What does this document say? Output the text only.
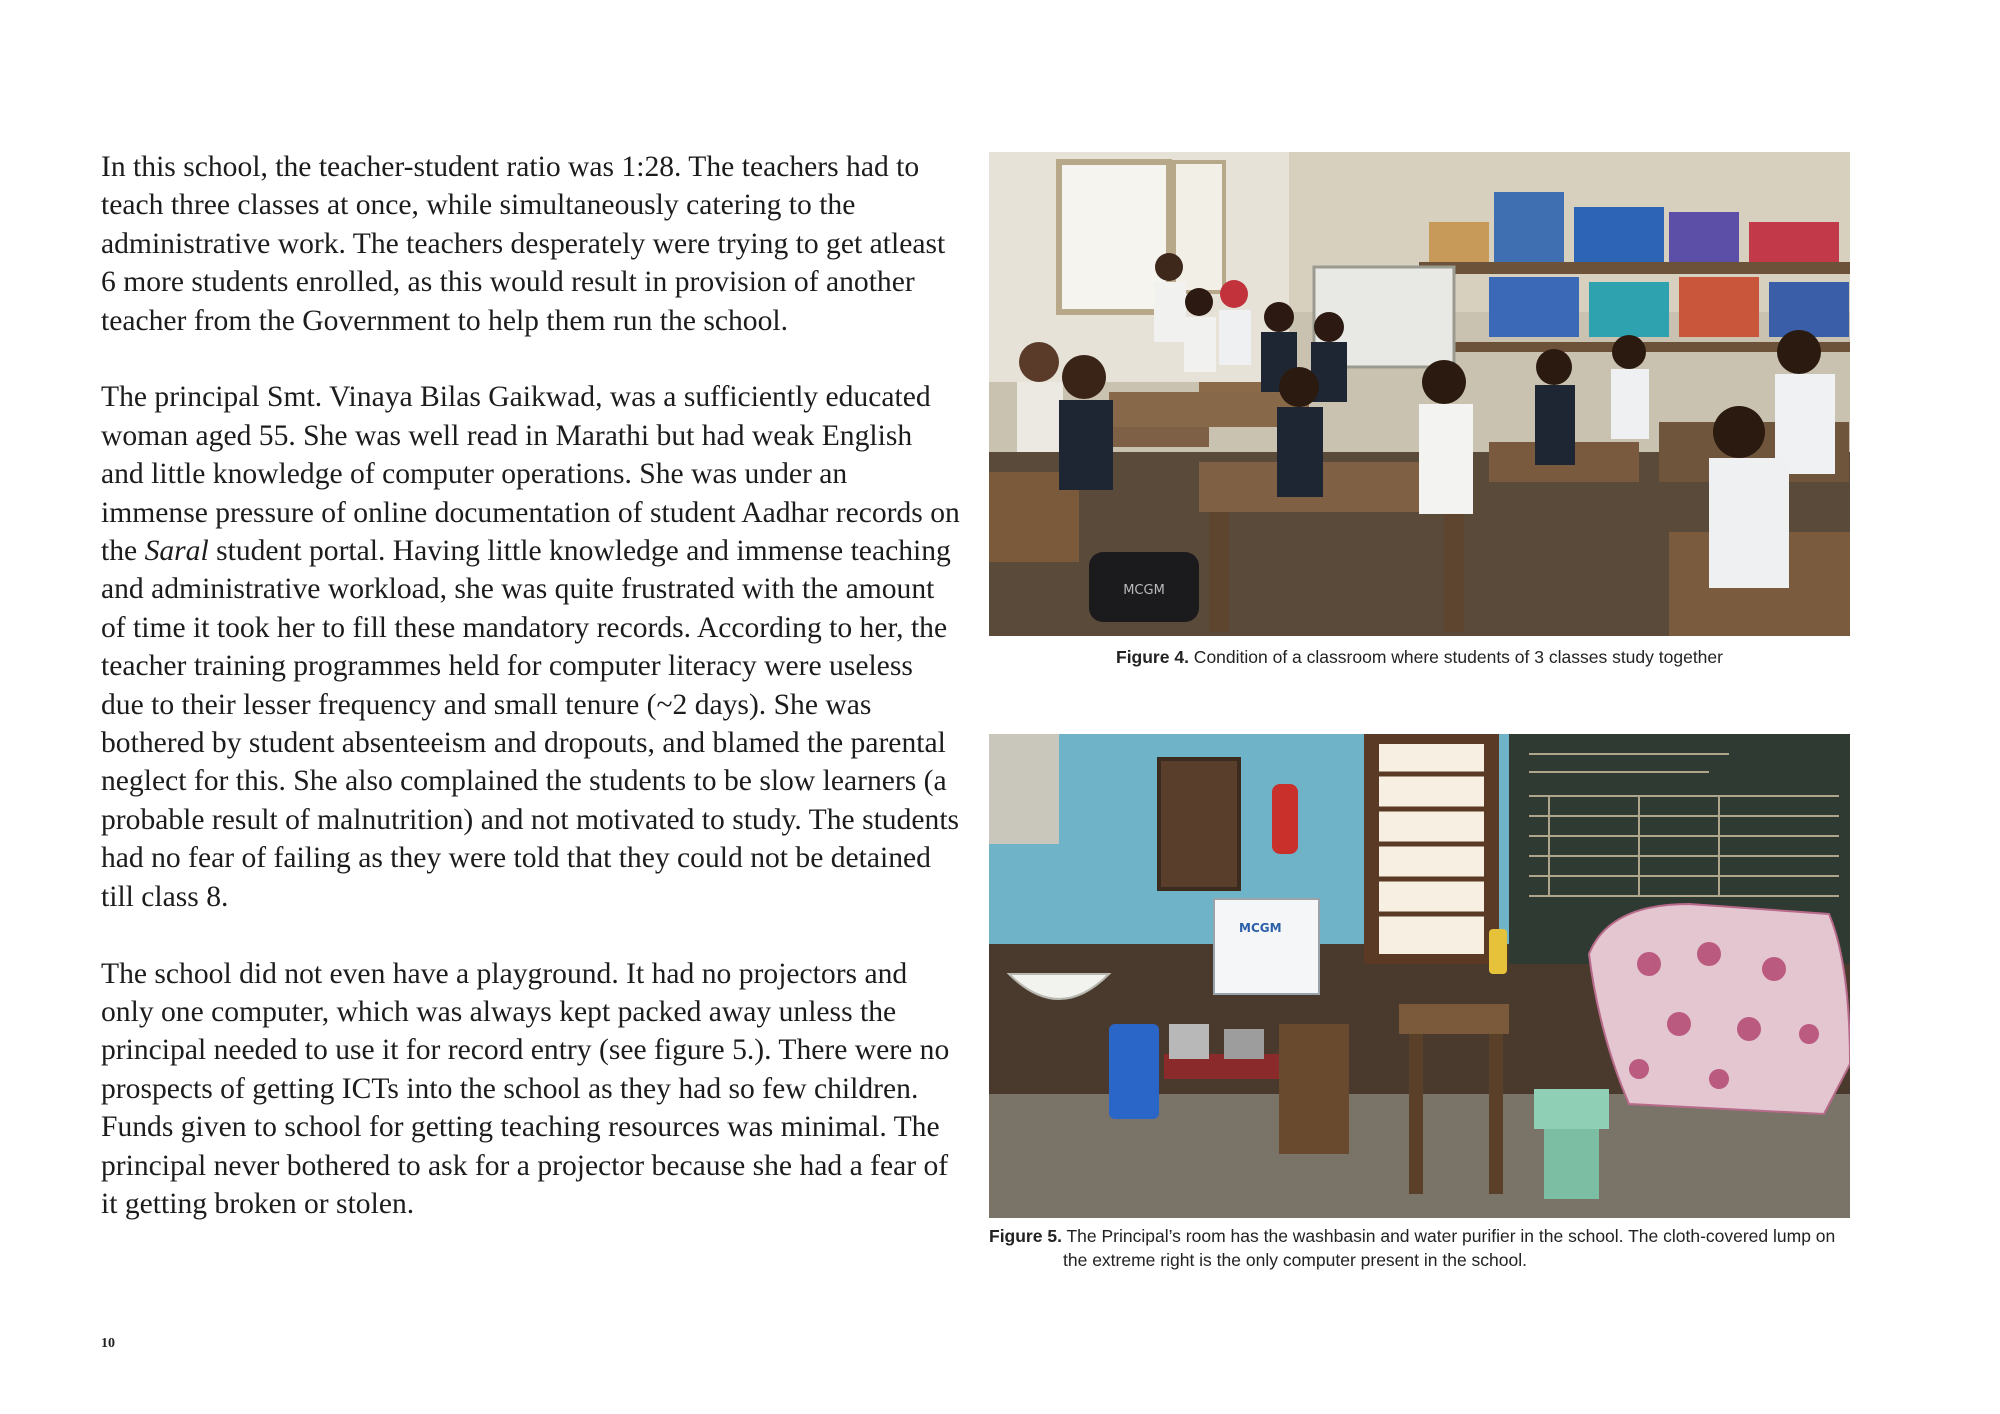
In this school, the teacher-student ratio was 1:28. The teachers had to teach three classes at once, while simultaneously catering to the administrative work. The teachers desperately were trying to get atleast 6 more students enrolled, as this would result in provision of another teacher from the Government to help them run the school.

The principal Smt. Vinaya Bilas Gaikwad, was a sufficiently educated woman aged 55. She was well read in Marathi but had weak English and little knowledge of computer operations. She was under an immense pressure of online documentation of student Aadhar records on the Saral student portal. Having little knowledge and immense teaching and administrative workload, she was quite frustrated with the amount of time it took her to fill these mandatory records. According to her, the teacher training programmes held for computer literacy were useless due to their lesser frequency and small tenure (~2 days). She was bothered by student absenteeism and dropouts, and blamed the parental neglect for this. She also complained the students to be slow learners (a probable result of malnutrition) and not motivated to study. The students had no fear of failing as they were told that they could not be detained till class 8.

The school did not even have a playground. It had no projectors and only one computer, which was always kept packed away unless the principal needed to use it for record entry (see figure 5.). There were no prospects of getting ICTs into the school as they had so few children. Funds given to school for getting teaching resources was minimal. The principal never bothered to ask for a projector because she had a fear of it getting broken or stolen.

10
MCGM
Figure 4. Condition of a classroom where students of 3 classes study together
MCGM
Figure 5. The Principal’s room has the washbasin and water purifier in the school. The cloth-covered lump on the extreme right is the only computer present in the school.
